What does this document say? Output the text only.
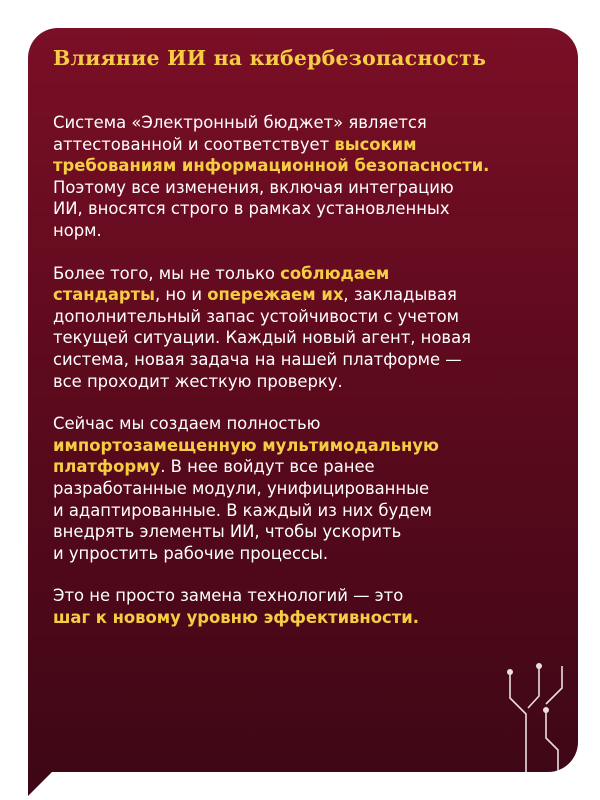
Влияние ИИ на кибербезопасность

Система «Электронный бюджет» является
аттестованной и соответствует высоким
требованиям информационной безопасности.
Поэтому все изменения, включая интеграцию
ИИ, вносятся строго в рамках установленных
норм.

Более того, мы не только соблюдаем
стандарты, но и опережаем их, закладывая
дополнительный запас устойчивости с учетом
текущей ситуации. Каждый новый агент, новая
система, новая задача на нашей платформе —
все проходит жесткую проверку.

Сейчас мы создаем полностью
импортозамещенную мультимодальную
платформу. В нее войдут все ранее
разработанные модули, унифицированные
и адаптированные. В каждый из них будем
внедрять элементы ИИ, чтобы ускорить
и упростить рабочие процессы.

Это не просто замена технологий — это
шаг к новому уровню эффективности.
